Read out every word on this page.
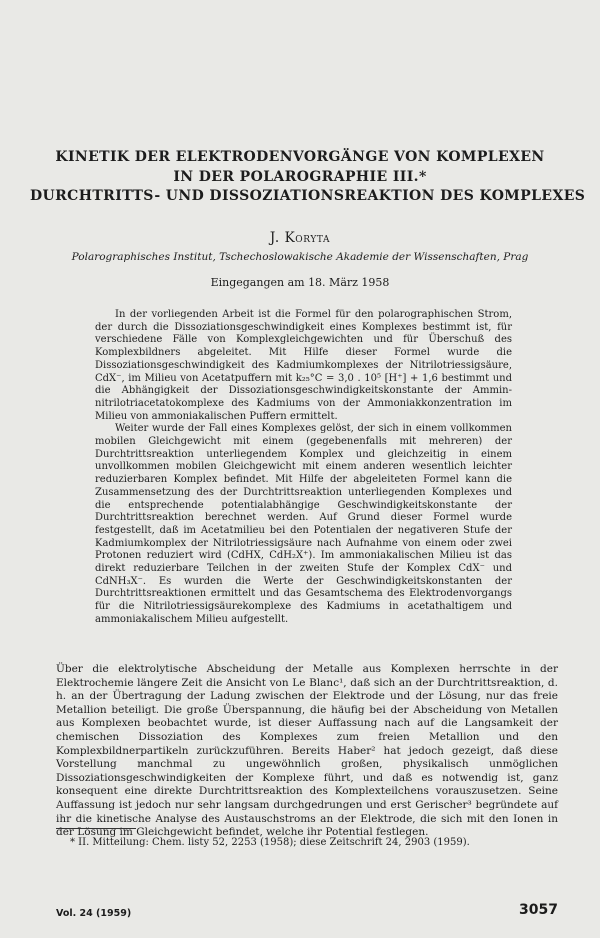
KINETIK DER ELEKTRODENVORGÄNGE VON KOMPLEXEN
IN DER POLAROGRAPHIE III.*
DURCHTRITTS- UND DISSOZIATIONSREAKTION DES KOMPLEXES
J. Koryta
Polarographisches Institut, Tschechoslowakische Akademie der Wissenschaften, Prag
Eingegangen am 18. März 1958

In der vorliegenden Arbeit ist die Formel für den polarographischen Strom, der durch die Dissoziationsgeschwindigkeit eines Komplexes bestimmt ist, für verschiedene Fälle von Komplexgleichgewichten und für Überschuß des Komplexbildners abgeleitet. Mit Hilfe dieser Formel wurde die Dissoziationsgeschwindigkeit des Kadmiumkomplexes der Nitrilotriessigsäure, CdX⁻, im Milieu von Acetatpuffern mit k₂₅°C = 3,0 . 10⁵ [H⁺] + 1,6 bestimmt und die Abhängigkeit der Dissoziationsgeschwindigkeitskonstante der Ammin-nitrilotriacetatokomplexe des Kadmiums von der Ammoniakkonzentration im Milieu von ammoniakalischen Puffern ermittelt.

Weiter wurde der Fall eines Komplexes gelöst, der sich in einem vollkommen mobilen Gleichgewicht mit einem (gegebenenfalls mit mehreren) der Durchtrittsreaktion unterliegendem Komplex und gleichzeitig in einem unvollkommen mobilen Gleichgewicht mit einem anderen wesentlich leichter reduzierbaren Komplex befindet. Mit Hilfe der abgeleiteten Formel kann die Zusammensetzung des der Durchtrittsreaktion unterliegenden Komplexes und die entsprechende potentialabhängige Geschwindigkeitskonstante der Durchtrittsreaktion berechnet werden. Auf Grund dieser Formel wurde festgestellt, daß im Acetatmilieu bei den Potentialen der negativeren Stufe der Kadmiumkomplex der Nitrilotriessigsäure nach Aufnahme von einem oder zwei Protonen reduziert wird (CdHX, CdH₂X⁺). Im ammoniakalischen Milieu ist das direkt reduzierbare Teilchen in der zweiten Stufe der Komplex CdX⁻ und CdNH₃X⁻. Es wurden die Werte der Geschwindigkeitskonstanten der Durchtrittsreaktionen ermittelt und das Gesamtschema des Elektrodenvorgangs für die Nitrilotriessigsäurekomplexe des Kadmiums in acetathaltigem und ammoniakalischem Milieu aufgestellt.

Über die elektrolytische Abscheidung der Metalle aus Komplexen herrschte in der Elektrochemie längere Zeit die Ansicht von Le Blanc¹, daß sich an der Durchtrittsreaktion, d. h. an der Übertragung der Ladung zwischen der Elektrode und der Lösung, nur das freie Metallion beteiligt. Die große Überspannung, die häufig bei der Abscheidung von Metallen aus Komplexen beobachtet wurde, ist dieser Auffassung nach auf die Langsamkeit der chemischen Dissoziation des Komplexes zum freien Metallion und den Komplexbildnerpartikeln zurückzuführen. Bereits Haber² hat jedoch gezeigt, daß diese Vorstellung manchmal zu ungewöhnlich großen, physikalisch unmöglichen Dissoziationsgeschwindigkeiten der Komplexe führt, und daß es notwendig ist, ganz konsequent eine direkte Durchtrittsreaktion des Komplexteilchens vorauszusetzen. Seine Auffassung ist jedoch nur sehr langsam durchgedrungen und erst Gerischer³ begründete auf ihr die kinetische Analyse des Austauschstroms an der Elektrode, die sich mit den Ionen in der Lösung im Gleichgewicht befindet, welche ihr Potential festlegen.

* II. Mitteilung: Chem. listy 52, 2253 (1958); diese Zeitschrift 24, 2903 (1959).
Vol. 24 (1959)	3057
